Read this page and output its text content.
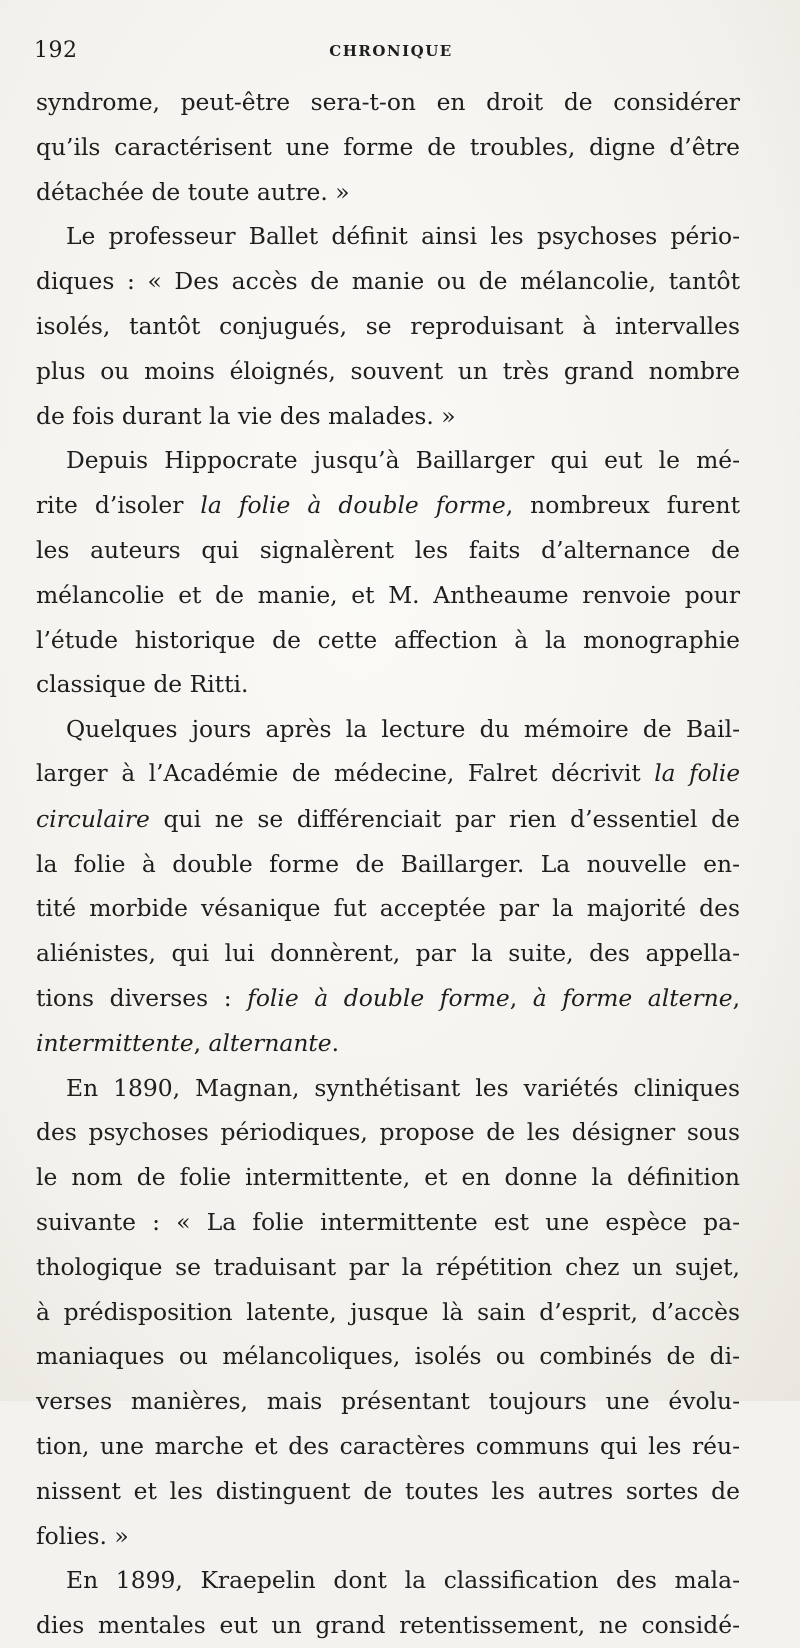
192	CHRONIQUE
syndrome, peut-être sera-t-on en droit de considérer
qu’ils caractérisent une forme de troubles, digne d’être
détachée de toute autre. »
Le professeur Ballet définit ainsi les psychoses pério-
diques : « Des accès de manie ou de mélancolie, tantôt
isolés, tantôt conjugués, se reproduisant à intervalles
plus ou moins éloignés, souvent un très grand nombre
de fois durant la vie des malades. »
Depuis Hippocrate jusqu’à Baillarger qui eut le mé-
rite d’isoler la folie à double forme, nombreux furent
les auteurs qui signalèrent les faits d’alternance de
mélancolie et de manie, et M. Antheaume renvoie pour
l’étude historique de cette affection à la monographie
classique de Ritti.
Quelques jours après la lecture du mémoire de Bail-
larger à l’Académie de médecine, Falret décrivit la folie
circulaire qui ne se différenciait par rien d’essentiel de
la folie à double forme de Baillarger. La nouvelle en-
tité morbide vésanique fut acceptée par la majorité des
aliénistes, qui lui donnèrent, par la suite, des appella-
tions diverses : folie à double forme, à forme alterne,
intermittente, alternante.
En 1890, Magnan, synthétisant les variétés cliniques
des psychoses périodiques, propose de les désigner sous
le nom de folie intermittente, et en donne la définition
suivante : « La folie intermittente est une espèce pa-
thologique se traduisant par la répétition chez un sujet,
à prédisposition latente, jusque là sain d’esprit, d’accès
maniaques ou mélancoliques, isolés ou combinés de di-
verses manières, mais présentant toujours une évolu-
tion, une marche et des caractères communs qui les réu-
nissent et les distinguent de toutes les autres sortes de
folies. »
En 1899, Kraepelin dont la classification des mala-
dies mentales eut un grand retentissement, ne considé-
